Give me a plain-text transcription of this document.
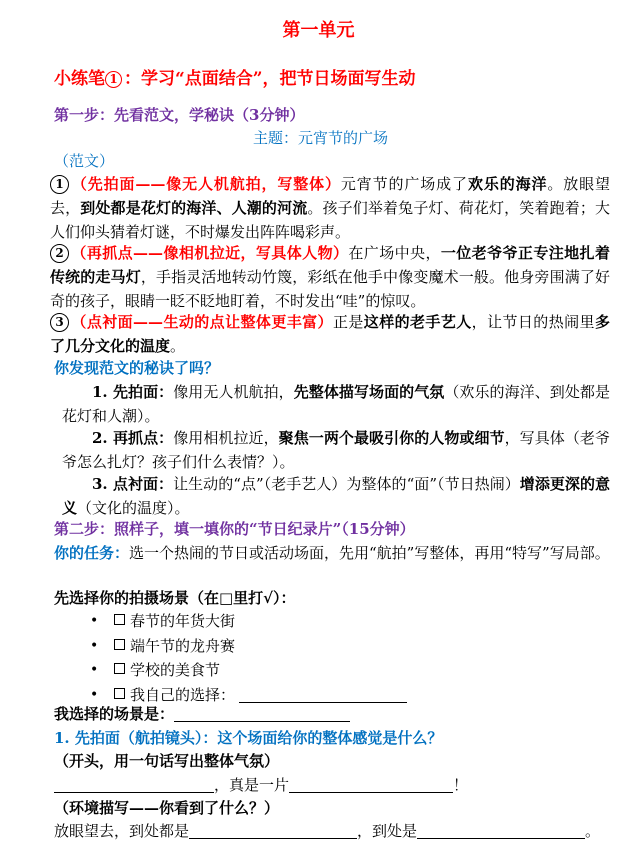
第一单元
小练笔 1 ：学习“点面结合”，把节日场面写生动
第一步：先看范文，学秘诀（3分钟）
主题：元宵节的广场
（范文）
1 （先拍面——像无人机航拍，写整体）元宵节的广场成了欢乐的海洋。放眼望去，到处都是花灯的海洋、人潮的河流。孩子们举着兔子灯、荷花灯，笑着跑着；大人们仰头猜着灯谜，不时爆发出阵阵喝彩声。
2 （再抓点——像相机拉近，写具体人物）在广场中央，一位老爷爷正专注地扎着传统的走马灯，手指灵活地转动竹篾，彩纸在他手中像变魔术一般。他身旁围满了好奇的孩子，眼睛一眨不眨地盯着，不时发出“哇”的惊叹。
3 （点衬面——生动的点让整体更丰富）正是这样的老手艺人，让节日的热闹里多了几分文化的温度。
你发现范文的秘诀了吗？
1. 先拍面：像用无人机航拍，先整体描写场面的气氛（欢乐的海洋、到处都是花灯和人潮）。
2. 再抓点：像用相机拉近，聚焦一两个最吸引你的人物或细节，写具体（老爷爷怎么扎灯？孩子们什么表情？）。
3. 点衬面：让生动的“点”（老手艺人）为整体的“面”（节日热闹）增添更深的意义（文化的温度）。
第二步：照样子，填一填你的“节日纪录片”（15分钟）
你的任务：选一个热闹的节日或活动场面，先用“航拍”写整体，再用“特写”写局部。
先选择你的拍摄场景（在□里打√）：
• 春节的年货大街
• 端午节的龙舟赛
• 学校的美食节
• 我自己的选择：
我选择的场景是：
1. 先拍面（航拍镜头）：这个场面给你的整体感觉是什么？
（开头，用一句话写出整体气氛）
，真是一片	！
（环境描写——你看到了什么？）
放眼望去，到处都是	，到处是	。
